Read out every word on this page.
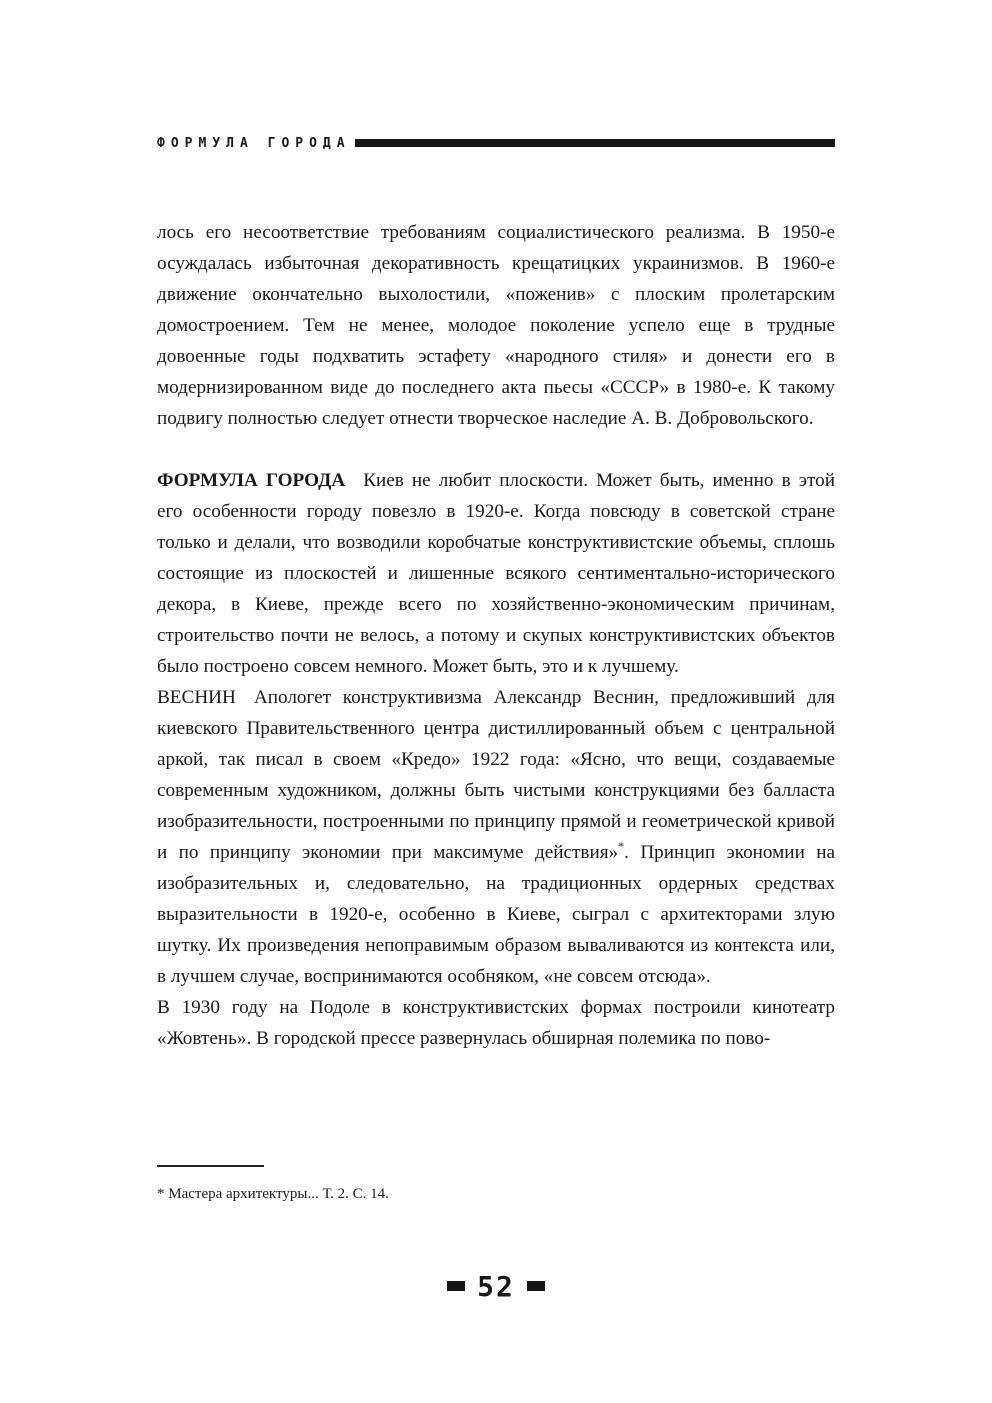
ФОРМУЛА ГОРОДА

лось его несоответствие требованиям социалистического реализма. В 1950-е осуждалась избыточная декоративность крещатицких украинизмов. В 1960-е движение окончательно выхолостили, «поженив» с плоским пролетарским домостроением. Тем не менее, молодое поколение успело еще в трудные довоенные годы подхватить эстафету «народного стиля» и донести его в модернизированном виде до последнего акта пьесы «СССР» в 1980-е. К такому подвигу полностью следует отнести творческое наследие А. В. Добровольского.

ФОРМУЛА ГОРОДА Киев не любит плоскости. Может быть, именно в этой его особенности городу повезло в 1920-е. Когда повсюду в советской стране только и делали, что возводили коробчатые конструктивистские объемы, сплошь состоящие из плоскостей и лишенные всякого сентиментально-исторического декора, в Киеве, прежде всего по хозяйственно-экономическим причинам, строительство почти не велось, а потому и скупых конструктивистских объектов было построено совсем немного. Может быть, это и к лучшему.

ВЕСНИН Апологет конструктивизма Александр Веснин, предложивший для киевского Правительственного центра дистиллированный объем с центральной аркой, так писал в своем «Кредо» 1922 года: «Ясно, что вещи, создаваемые современным художником, должны быть чистыми конструкциями без балласта изобразительности, построенными по принципу прямой и геометрической кривой и по принципу экономии при максимуме действия»*. Принцип экономии на изобразительных и, следовательно, на традиционных ордерных средствах выразительности в 1920-е, особенно в Киеве, сыграл с архитекторами злую шутку. Их произведения непоправимым образом вываливаются из контекста или, в лучшем случае, воспринимаются особняком, «не совсем отсюда».

В 1930 году на Подоле в конструктивистских формах построили кинотеатр «Жовтень». В городской прессе развернулась обширная полемика по пово-

* Мастера архитектуры... Т. 2. С. 14.
52
